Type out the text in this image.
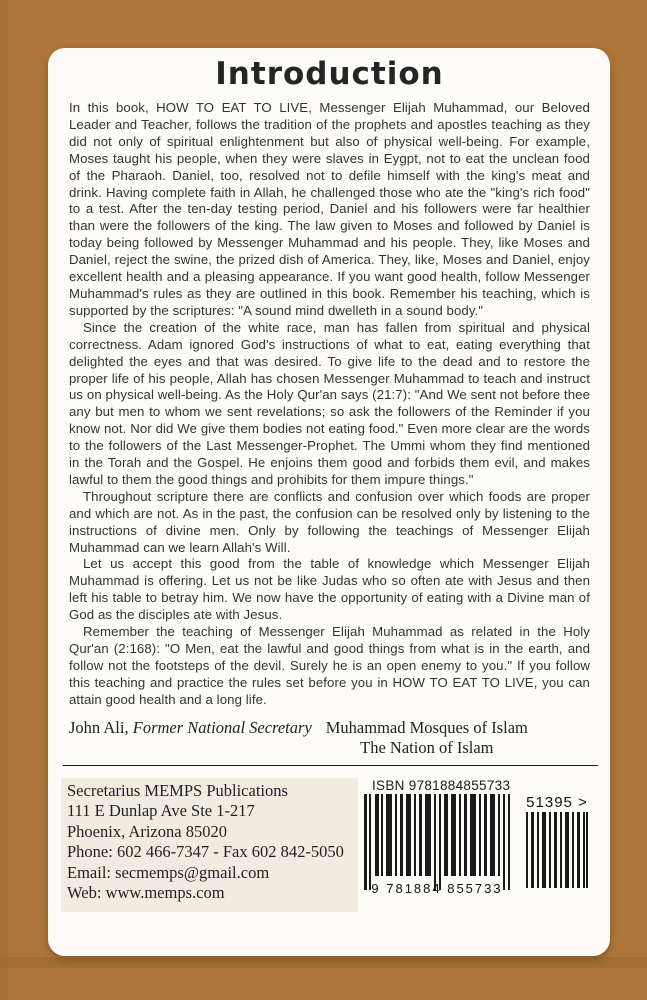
Introduction

In this book, HOW TO EAT TO LIVE, Messenger Elijah Muhammad, our Beloved Leader and Teacher, follows the tradition of the prophets and apostles teaching as they did not only of spiritual enlightenment but also of physical well-being. For example, Moses taught his people, when they were slaves in Eygpt, not to eat the unclean food of the Pharaoh. Daniel, too, resolved not to defile himself with the king's meat and drink. Having complete faith in Allah, he challenged those who ate the "king's rich food" to a test. After the ten-day testing period, Daniel and his followers were far healthier than were the followers of the king. The law given to Moses and followed by Daniel is today being followed by Messenger Muhammad and his people. They, like Moses and Daniel, reject the swine, the prized dish of America. They, like, Moses and Daniel, enjoy excellent health and a pleasing appearance. If you want good health, follow Messenger Muhammad's rules as they are outlined in this book. Remember his teaching, which is supported by the scriptures: "A sound mind dwelleth in a sound body."

Since the creation of the white race, man has fallen from spiritual and physical correctness. Adam ignored God's instructions of what to eat, eating everything that delighted the eyes and that was desired. To give life to the dead and to restore the proper life of his people, Allah has chosen Messenger Muhammad to teach and instruct us on physical well-being. As the Holy Qur'an says (21:7): "And We sent not before thee any but men to whom we sent revelations; so ask the followers of the Reminder if you know not. Nor did We give them bodies not eating food." Even more clear are the words to the followers of the Last Messenger-Prophet. The Ummi whom they find mentioned in the Torah and the Gospel. He enjoins them good and forbids them evil, and makes lawful to them the good things and prohibits for them impure things."

Throughout scripture there are conflicts and confusion over which foods are proper and which are not. As in the past, the confusion can be resolved only by listening to the instructions of divine men. Only by following the teachings of Messenger Elijah Muhammad can we learn Allah's Will.

Let us accept this good from the table of knowledge which Messenger Elijah Muhammad is offering. Let us not be like Judas who so often ate with Jesus and then left his table to betray him. We now have the opportunity of eating with a Divine man of God as the disciples ate with Jesus.

Remember the teaching of Messenger Elijah Muhammad as related in the Holy Qur'an (2:168): "O Men, eat the lawful and good things from what is in the earth, and follow not the footsteps of the devil. Surely he is an open enemy to you." If you follow this teaching and practice the rules set before you in HOW TO EAT TO LIVE, you can attain good health and a long life.

John Ali, Former National Secretary Muhammad Mosques of Islam
The Nation of Islam
Secretarius MEMPS Publications
111 E Dunlap Ave Ste 1-217
Phoenix, Arizona 85020
Phone: 602 466-7347 - Fax 602 842-5050
Email: secmemps@gmail.com
Web: www.memps.com
ISBN 9781884855733
9 781884 855733
51395 >
